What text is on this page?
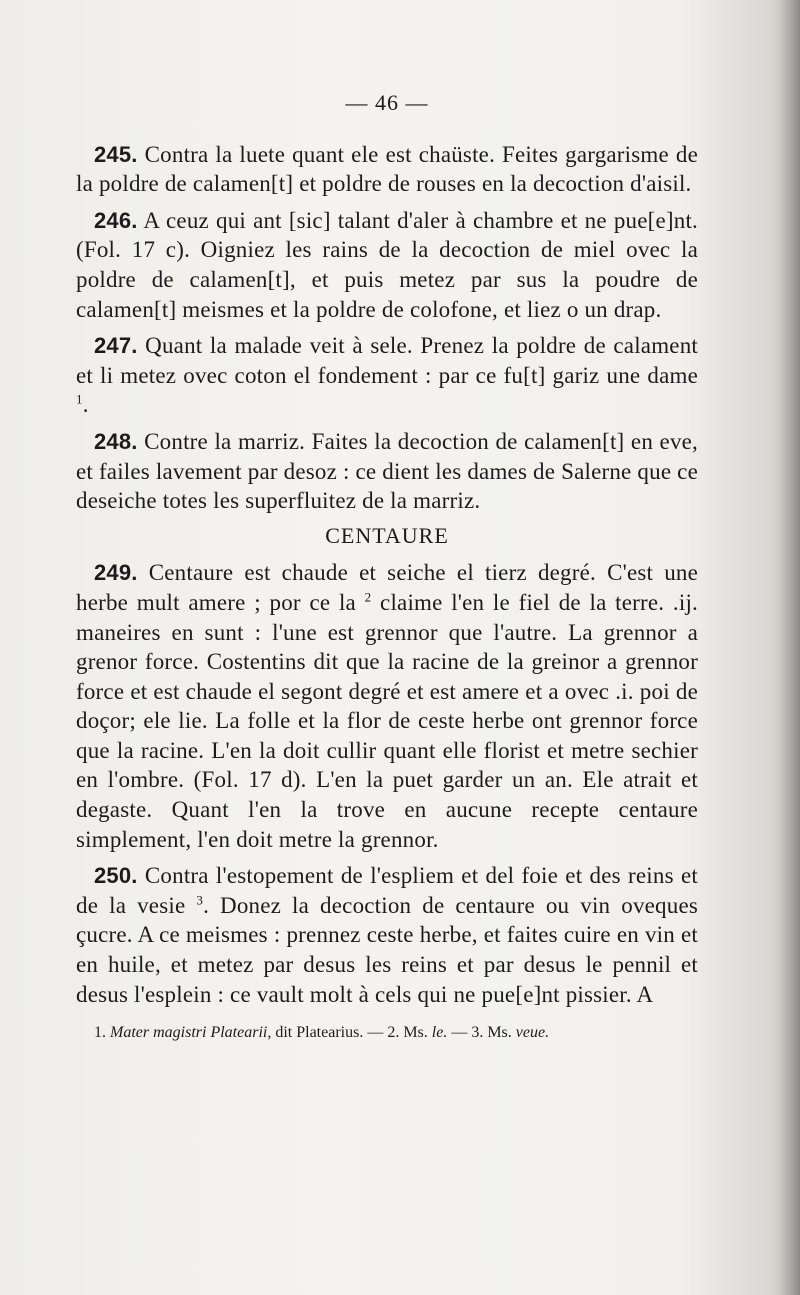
— 46 —

245. Contra la luete quant ele est chaüste. Feites gargarisme de la poldre de calamen[t] et poldre de rouses en la decoction d'aisil.

246. A ceuz qui ant [sic] talant d'aler à chambre et ne pue[e]nt. (Fol. 17 c). Oigniez les rains de la decoction de miel ovec la poldre de calamen[t], et puis metez par sus la poudre de calamen[t] meismes et la poldre de colofone, et liez o un drap.

247. Quant la malade veit à sele. Prenez la poldre de calament et li metez ovec coton el fondement : par ce fu[t] gariz une dame $^1$.

248. Contre la marriz. Faites la decoction de calamen[t] en eve, et failes lavement par desoz : ce dient les dames de Salerne que ce deseiche totes les superfluitez de la marriz.

CENTAURE

249. Centaure est chaude et seiche el tierz degré. C'est une herbe mult amere ; por ce la $^2$ claime l'en le fiel de la terre. .ij. maneires en sunt : l'une est grennor que l'autre. La grennor a grenor force. Costentins dit que la racine de la greinor a grennor force et est chaude el segont degré et est amere et a ovec .i. poi de doçor; ele lie. La folle et la flor de ceste herbe ont grennor force que la racine. L'en la doit cullir quant elle florist et metre sechier en l'ombre. (Fol. 17 d). L'en la puet garder un an. Ele atrait et degaste. Quant l'en la trove en aucune recepte centaure simplement, l'en doit metre la grennor.

250. Contra l'estopement de l'espliem et del foie et des reins et de la vesie $^3$. Donez la decoction de centaure ou vin oveques çucre. A ce meismes : prennez ceste herbe, et faites cuire en vin et en huile, et metez par desus les reins et par desus le pennil et desus l'esplein : ce vault molt à cels qui ne pue[e]nt pissier. A

1. Mater magistri Platearii, dit Platearius. — 2. Ms. le. — 3. Ms. veue.
